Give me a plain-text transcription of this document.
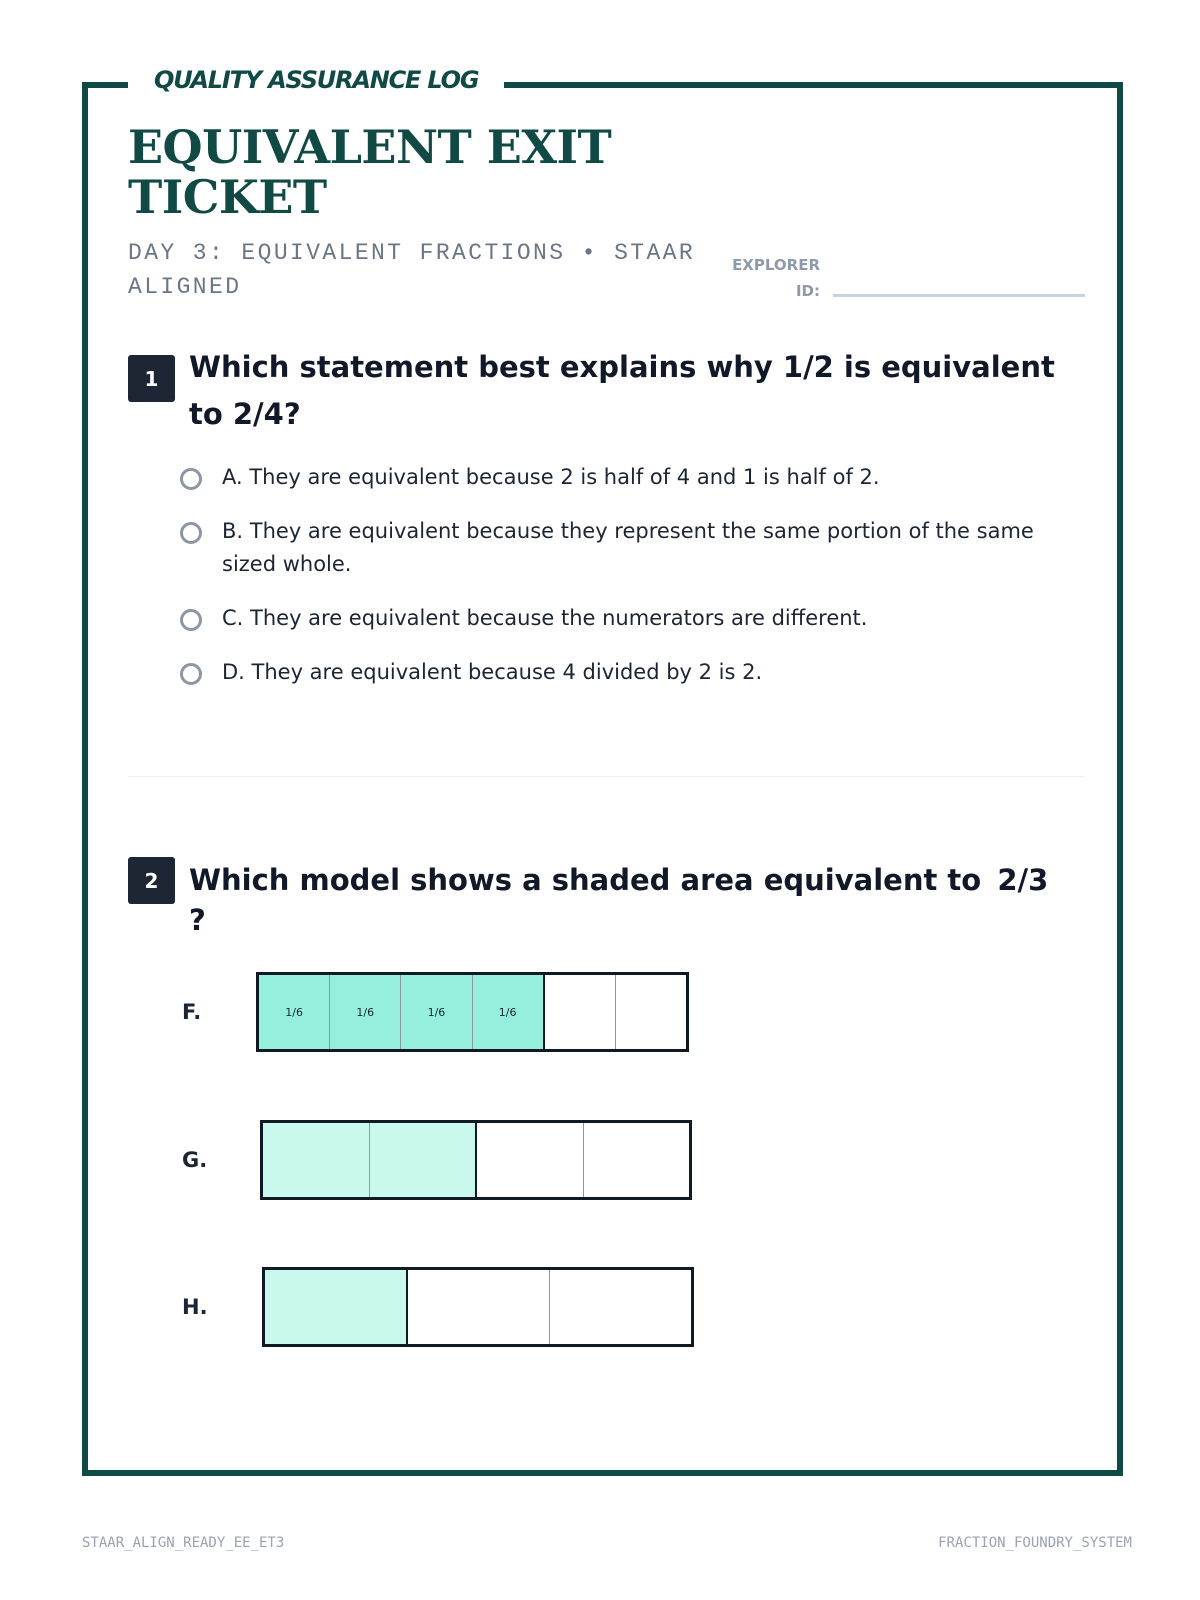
QUALITY ASSURANCE LOG
EQUIVALENT EXIT TICKET
DAY 3: EQUIVALENT FRACTIONS • STAAR ALIGNED
EXPLORER ID:
1	Which statement best explains why 1/2 is equivalent to 2/4?
A. They are equivalent because 2 is half of 4 and 1 is half of 2.
B. They are equivalent because they represent the same portion of the same sized whole.
C. They are equivalent because the numerators are different.
D. They are equivalent because 4 divided by 2 is 2.
2	Which model shows a shaded area equivalent to 2/3 ?
F.	1/6	1/6	1/6	1/6
G.
H.
STAAR_ALIGN_READY_EE_ET3	FRACTION_FOUNDRY_SYSTEM
